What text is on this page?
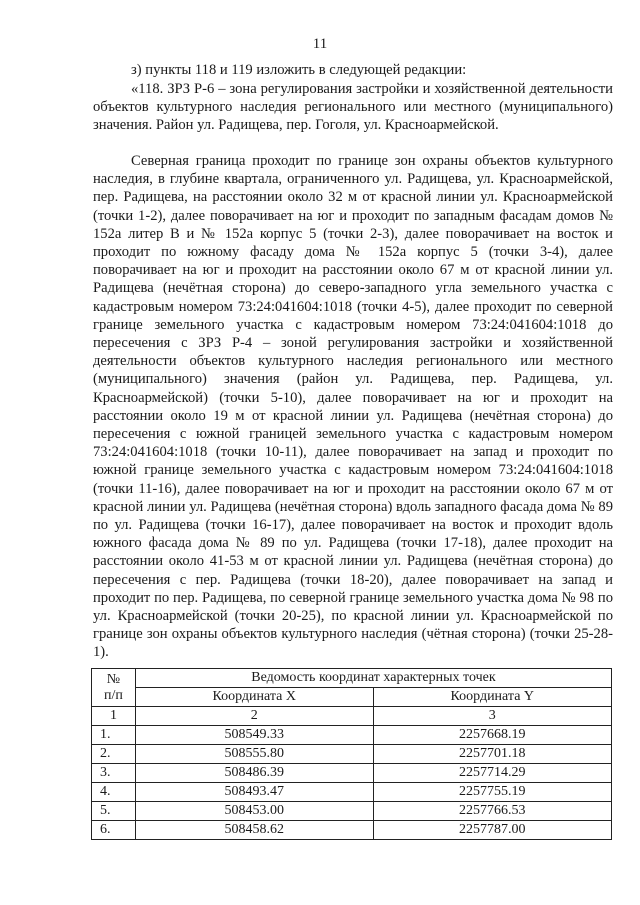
11

з) пункты 118 и 119 изложить в следующей редакции:

«118. ЗРЗ Р-6 – зона регулирования застройки и хозяйственной деятельности объектов культурного наследия регионального или местного (муниципального) значения. Район ул. Радищева, пер. Гоголя, ул. Красноармейской.

Северная граница проходит по границе зон охраны объектов культурного наследия, в глубине квартала, ограниченного ул. Радищева, ул. Красноармейской, пер. Радищева, на расстоянии около 32 м от красной линии ул. Красноармейской (точки 1-2), далее поворачивает на юг и проходит по западным фасадам домов № 152а литер В и № 152а корпус 5 (точки 2-3), далее поворачивает на восток и проходит по южному фасаду дома № 152а корпус 5 (точки 3-4), далее поворачивает на юг и проходит на расстоянии около 67 м от красной линии ул. Радищева (нечётная сторона) до северо-западного угла земельного участка с кадастровым номером 73:24:041604:1018 (точки 4-5), далее проходит по северной границе земельного участка с кадастровым номером 73:24:041604:1018 до пересечения с ЗРЗ Р-4 – зоной регулирования застройки и хозяйственной деятельности объектов культурного наследия регионального или местного (муниципального) значения (район ул. Радищева, пер. Радищева, ул. Красноармейской) (точки 5-10), далее поворачивает на юг и проходит на расстоянии около 19 м от красной линии ул. Радищева (нечётная сторона) до пересечения с южной границей земельного участка с кадастровым номером 73:24:041604:1018 (точки 10-11), далее поворачивает на запад и проходит по южной границе земельного участка с кадастровым номером 73:24:041604:1018 (точки 11-16), далее поворачивает на юг и проходит на расстоянии около 67 м от красной линии ул. Радищева (нечётная сторона) вдоль западного фасада дома № 89 по ул. Радищева (точки 16-17), далее поворачивает на восток и проходит вдоль южного фасада дома № 89 по ул. Радищева (точки 17-18), далее проходит на расстоянии около 41-53 м от красной линии ул. Радищева (нечётная сторона) до пересечения с пер. Радищева (точки 18-20), далее поворачивает на запад и проходит по пер. Радищева, по северной границе земельного участка дома № 98 по ул. Красноармейской (точки 20-25), по красной линии ул. Красноармейской по границе зон охраны объектов культурного наследия (чётная сторона) (точки 25-28-1).

№
п/п	Ведомость координат характерных точек	
	Координата X	Координата Y
1	2	3
1.	508549.33	2257668.19
2.	508555.80	2257701.18
3.	508486.39	2257714.29
4.	508493.47	2257755.19
5.	508453.00	2257766.53
6.	508458.62	2257787.00
